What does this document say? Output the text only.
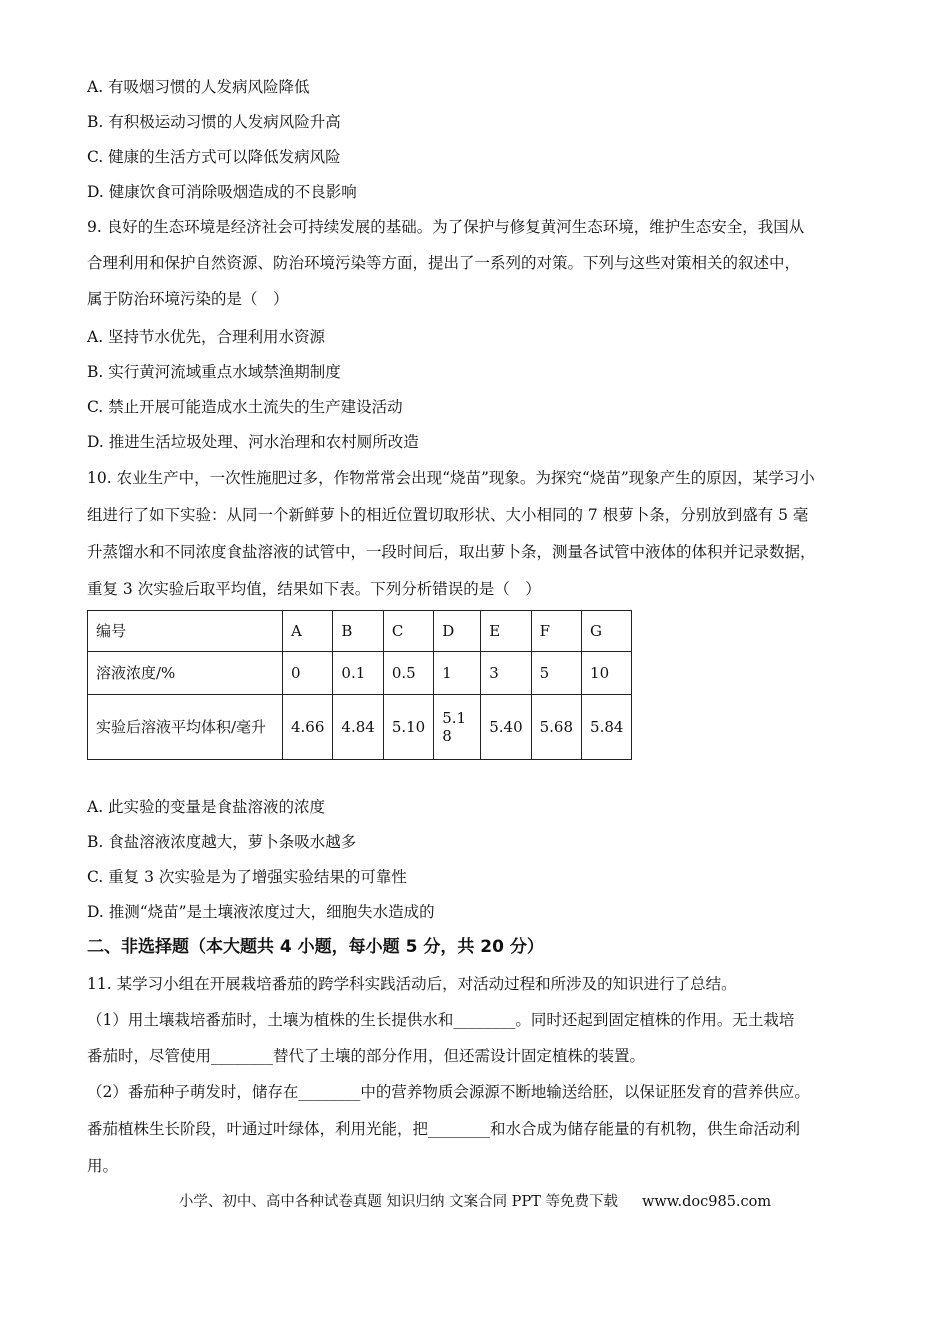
A. 有吸烟习惯的人发病风险降低
B. 有积极运动习惯的人发病风险升高
C. 健康的生活方式可以降低发病风险
D. 健康饮食可消除吸烟造成的不良影响
9. 良好的生态环境是经济社会可持续发展的基础。为了保护与修复黄河生态环境，维护生态安全，我国从
合理利用和保护自然资源、防治环境污染等方面，提出了一系列的对策。下列与这些对策相关的叙述中，
属于防治环境污染的是（　）
A. 坚持节水优先，合理利用水资源
B. 实行黄河流域重点水域禁渔期制度
C. 禁止开展可能造成水土流失的生产建设活动
D. 推进生活垃圾处理、河水治理和农村厕所改造
10. 农业生产中，一次性施肥过多，作物常常会出现“烧苗”现象。为探究“烧苗”现象产生的原因，某学习小
组进行了如下实验：从同一个新鲜萝卜的相近位置切取形状、大小相同的 7 根萝卜条，分别放到盛有 5 毫
升蒸馏水和不同浓度食盐溶液的试管中，一段时间后，取出萝卜条，测量各试管中液体的体积并记录数据，
重复 3 次实验后取平均值，结果如下表。下列分析错误的是（　）
编号	A	B	C	D	E	F	G
溶液浓度/%	0	0.1	0.5	1	3	5	10
实验后溶液平均体积/毫升	4.66	4.84	5.10	5.18	5.40	5.68	5.84
A. 此实验的变量是食盐溶液的浓度
B. 食盐溶液浓度越大，萝卜条吸水越多
C. 重复 3 次实验是为了增强实验结果的可靠性
D. 推测“烧苗”是土壤液浓度过大，细胞失水造成的
二、非选择题（本大题共 4 小题，每小题 5 分，共 20 分）
11. 某学习小组在开展栽培番茄的跨学科实践活动后，对活动过程和所涉及的知识进行了总结。
（1）用土壤栽培番茄时，土壤为植株的生长提供水和________。同时还起到固定植株的作用。无土栽培
番茄时，尽管使用________替代了土壤的部分作用，但还需设计固定植株的装置。
（2）番茄种子萌发时，储存在________中的营养物质会源源不断地输送给胚，以保证胚发育的营养供应。
番茄植株生长阶段，叶通过叶绿体，利用光能，把________和水合成为储存能量的有机物，供生命活动利
用。
小学、初中、高中各种试卷真题 知识归纳 文案合同 PPT 等免费下载 www.doc985.com
